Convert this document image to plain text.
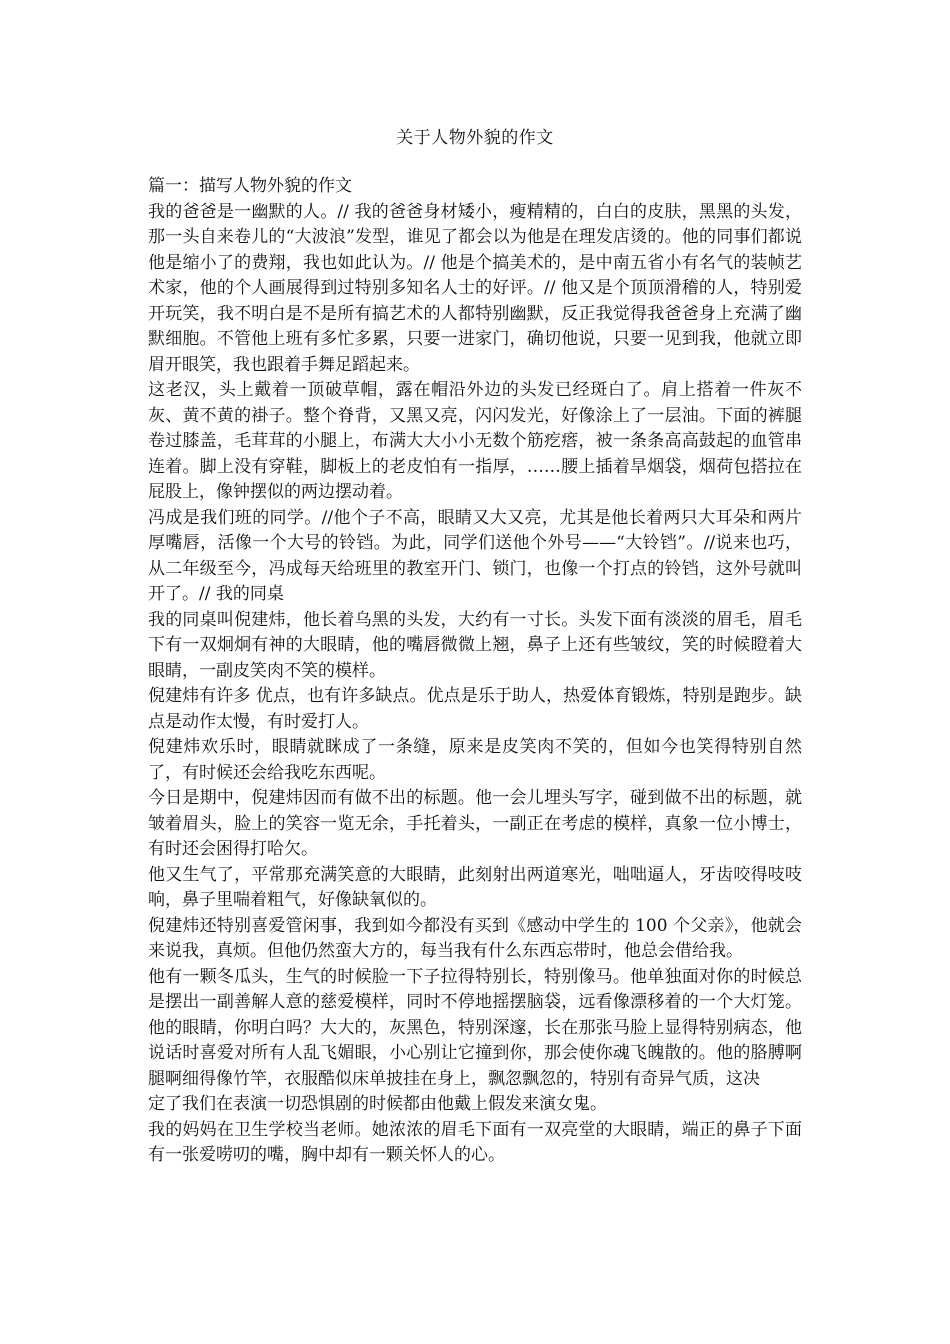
关于人物外貌的作文

篇一：描写人物外貌的作文

我的爸爸是一幽默的人。// 我的爸爸身材矮小，瘦精精的，白白的皮肤，黑黑的头发，那一头自来卷儿的“大波浪”发型，谁见了都会以为他是在理发店烫的。他的同事们都说他是缩小了的费翔，我也如此认为。// 他是个搞美术的，是中南五省小有名气的装帧艺术家，他的个人画展得到过特别多知名人士的好评。// 他又是个顶顶滑稽的人，特别爱开玩笑，我不明白是不是所有搞艺术的人都特别幽默，反正我觉得我爸爸身上充满了幽默细胞。不管他上班有多忙多累，只要一进家门，确切他说，只要一见到我，他就立即眉开眼笑，我也跟着手舞足蹈起来。

这老汉，头上戴着一顶破草帽，露在帽沿外边的头发已经斑白了。肩上搭着一件灰不灰、黄不黄的褂子。整个脊背，又黑又亮，闪闪发光，好像涂上了一层油。下面的裤腿卷过膝盖，毛茸茸的小腿上，布满大大小小无数个筋疙瘩，被一条条高高鼓起的血管串连着。脚上没有穿鞋，脚板上的老皮怕有一指厚，……腰上插着旱烟袋，烟荷包搭拉在屁股上，像钟摆似的两边摆动着。

冯成是我们班的同学。//他个子不高，眼睛又大又亮，尤其是他长着两只大耳朵和两片厚嘴唇，活像一个大号的铃铛。为此，同学们送他个外号——“大铃铛”。//说来也巧，从二年级至今，冯成每天给班里的教室开门、锁门，也像一个打点的铃铛，这外号就叫开了。// 我的同桌

我的同桌叫倪建炜，他长着乌黑的头发，大约有一寸长。头发下面有淡淡的眉毛，眉毛下有一双炯炯有神的大眼睛，他的嘴唇微微上翘，鼻子上还有些皱纹，笑的时候瞪着大眼睛，一副皮笑肉不笑的模样。

倪建炜有许多 优点，也有许多缺点。优点是乐于助人，热爱体育锻炼，特别是跑步。缺点是动作太慢，有时爱打人。

倪建炜欢乐时，眼睛就眯成了一条缝，原来是皮笑肉不笑的，但如今也笑得特别自然了，有时候还会给我吃东西呢。

今日是期中，倪建炜因而有做不出的标题。他一会儿埋头写字，碰到做不出的标题，就皱着眉头，脸上的笑容一览无余，手托着头，一副正在考虑的模样，真象一位小博士，有时还会困得打哈欠。

他又生气了，平常那充满笑意的大眼睛，此刻射出两道寒光，咄咄逼人，牙齿咬得吱吱响，鼻子里喘着粗气，好像缺氧似的。

倪建炜还特别喜爱管闲事，我到如今都没有买到《感动中学生的 100 个父亲》，他就会来说我，真烦。但他仍然蛮大方的，每当我有什么东西忘带时，他总会借给我。

他有一颗冬瓜头，生气的时候脸一下子拉得特别长，特别像马。他单独面对你的时候总是摆出一副善解人意的慈爱模样，同时不停地摇摆脑袋，远看像漂移着的一个大灯笼。他的眼睛，你明白吗？大大的，灰黑色，特别深邃，长在那张马脸上显得特别病态，他说话时喜爱对所有人乱飞媚眼，小心别让它撞到你，那会使你魂飞魄散的。他的胳膊啊腿啊细得像竹竿，衣服酷似床单披挂在身上，飘忽飘忽的，特别有奇异气质，这决

定了我们在表演一切恐惧剧的时候都由他戴上假发来演女鬼。

我的妈妈在卫生学校当老师。她浓浓的眉毛下面有一双亮堂的大眼睛，端正的鼻子下面有一张爱唠叨的嘴，胸中却有一颗关怀人的心。
